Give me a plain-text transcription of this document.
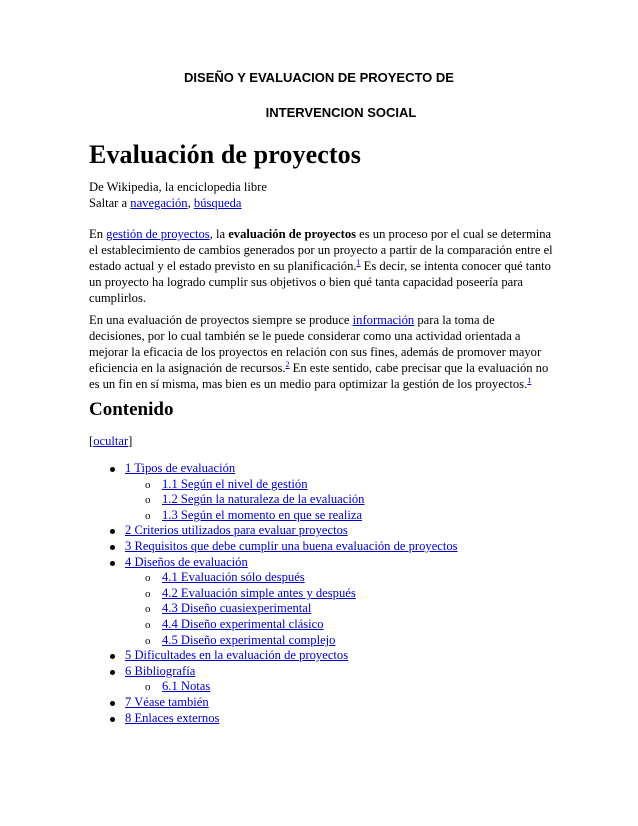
DISEÑO Y EVALUACION DE PROYECTO DE
INTERVENCION SOCIAL
Evaluación de proyectos
De Wikipedia, la enciclopedia libre
Saltar a navegación, búsqueda
En gestión de proyectos, la evaluación de proyectos es un proceso por el cual se determina
el establecimiento de cambios generados por un proyecto a partir de la comparación entre el
estado actual y el estado previsto en su planificación.$^1$ Es decir, se intenta conocer qué tanto
un proyecto ha logrado cumplir sus objetivos o bien qué tanta capacidad poseería para
cumplirlos.
En una evaluación de proyectos siempre se produce información para la toma de
decisiones, por lo cual también se le puede considerar como una actividad orientada a
mejorar la eficacia de los proyectos en relación con sus fines, además de promover mayor
eficiencia en la asignación de recursos.$^2$ En este sentido, cabe precisar que la evaluación no
es un fin en sí misma, mas bien es un medio para optimizar la gestión de los proyectos.$^1$
Contenido
[ocultar]
1 Tipos de evaluación
o 1.1 Según el nivel de gestión
o 1.2 Según la naturaleza de la evaluación
o 1.3 Según el momento en que se realiza
2 Criterios utilizados para evaluar proyectos
3 Requisitos que debe cumplir una buena evaluación de proyectos
4 Diseños de evaluación
o 4.1 Evaluación sólo después
o 4.2 Evaluación simple antes y después
o 4.3 Diseño cuasiexperimental
o 4.4 Diseño experimental clásico
o 4.5 Diseño experimental complejo
5 Dificultades en la evaluación de proyectos
6 Bibliografía
o 6.1 Notas
7 Véase también
8 Enlaces externos
